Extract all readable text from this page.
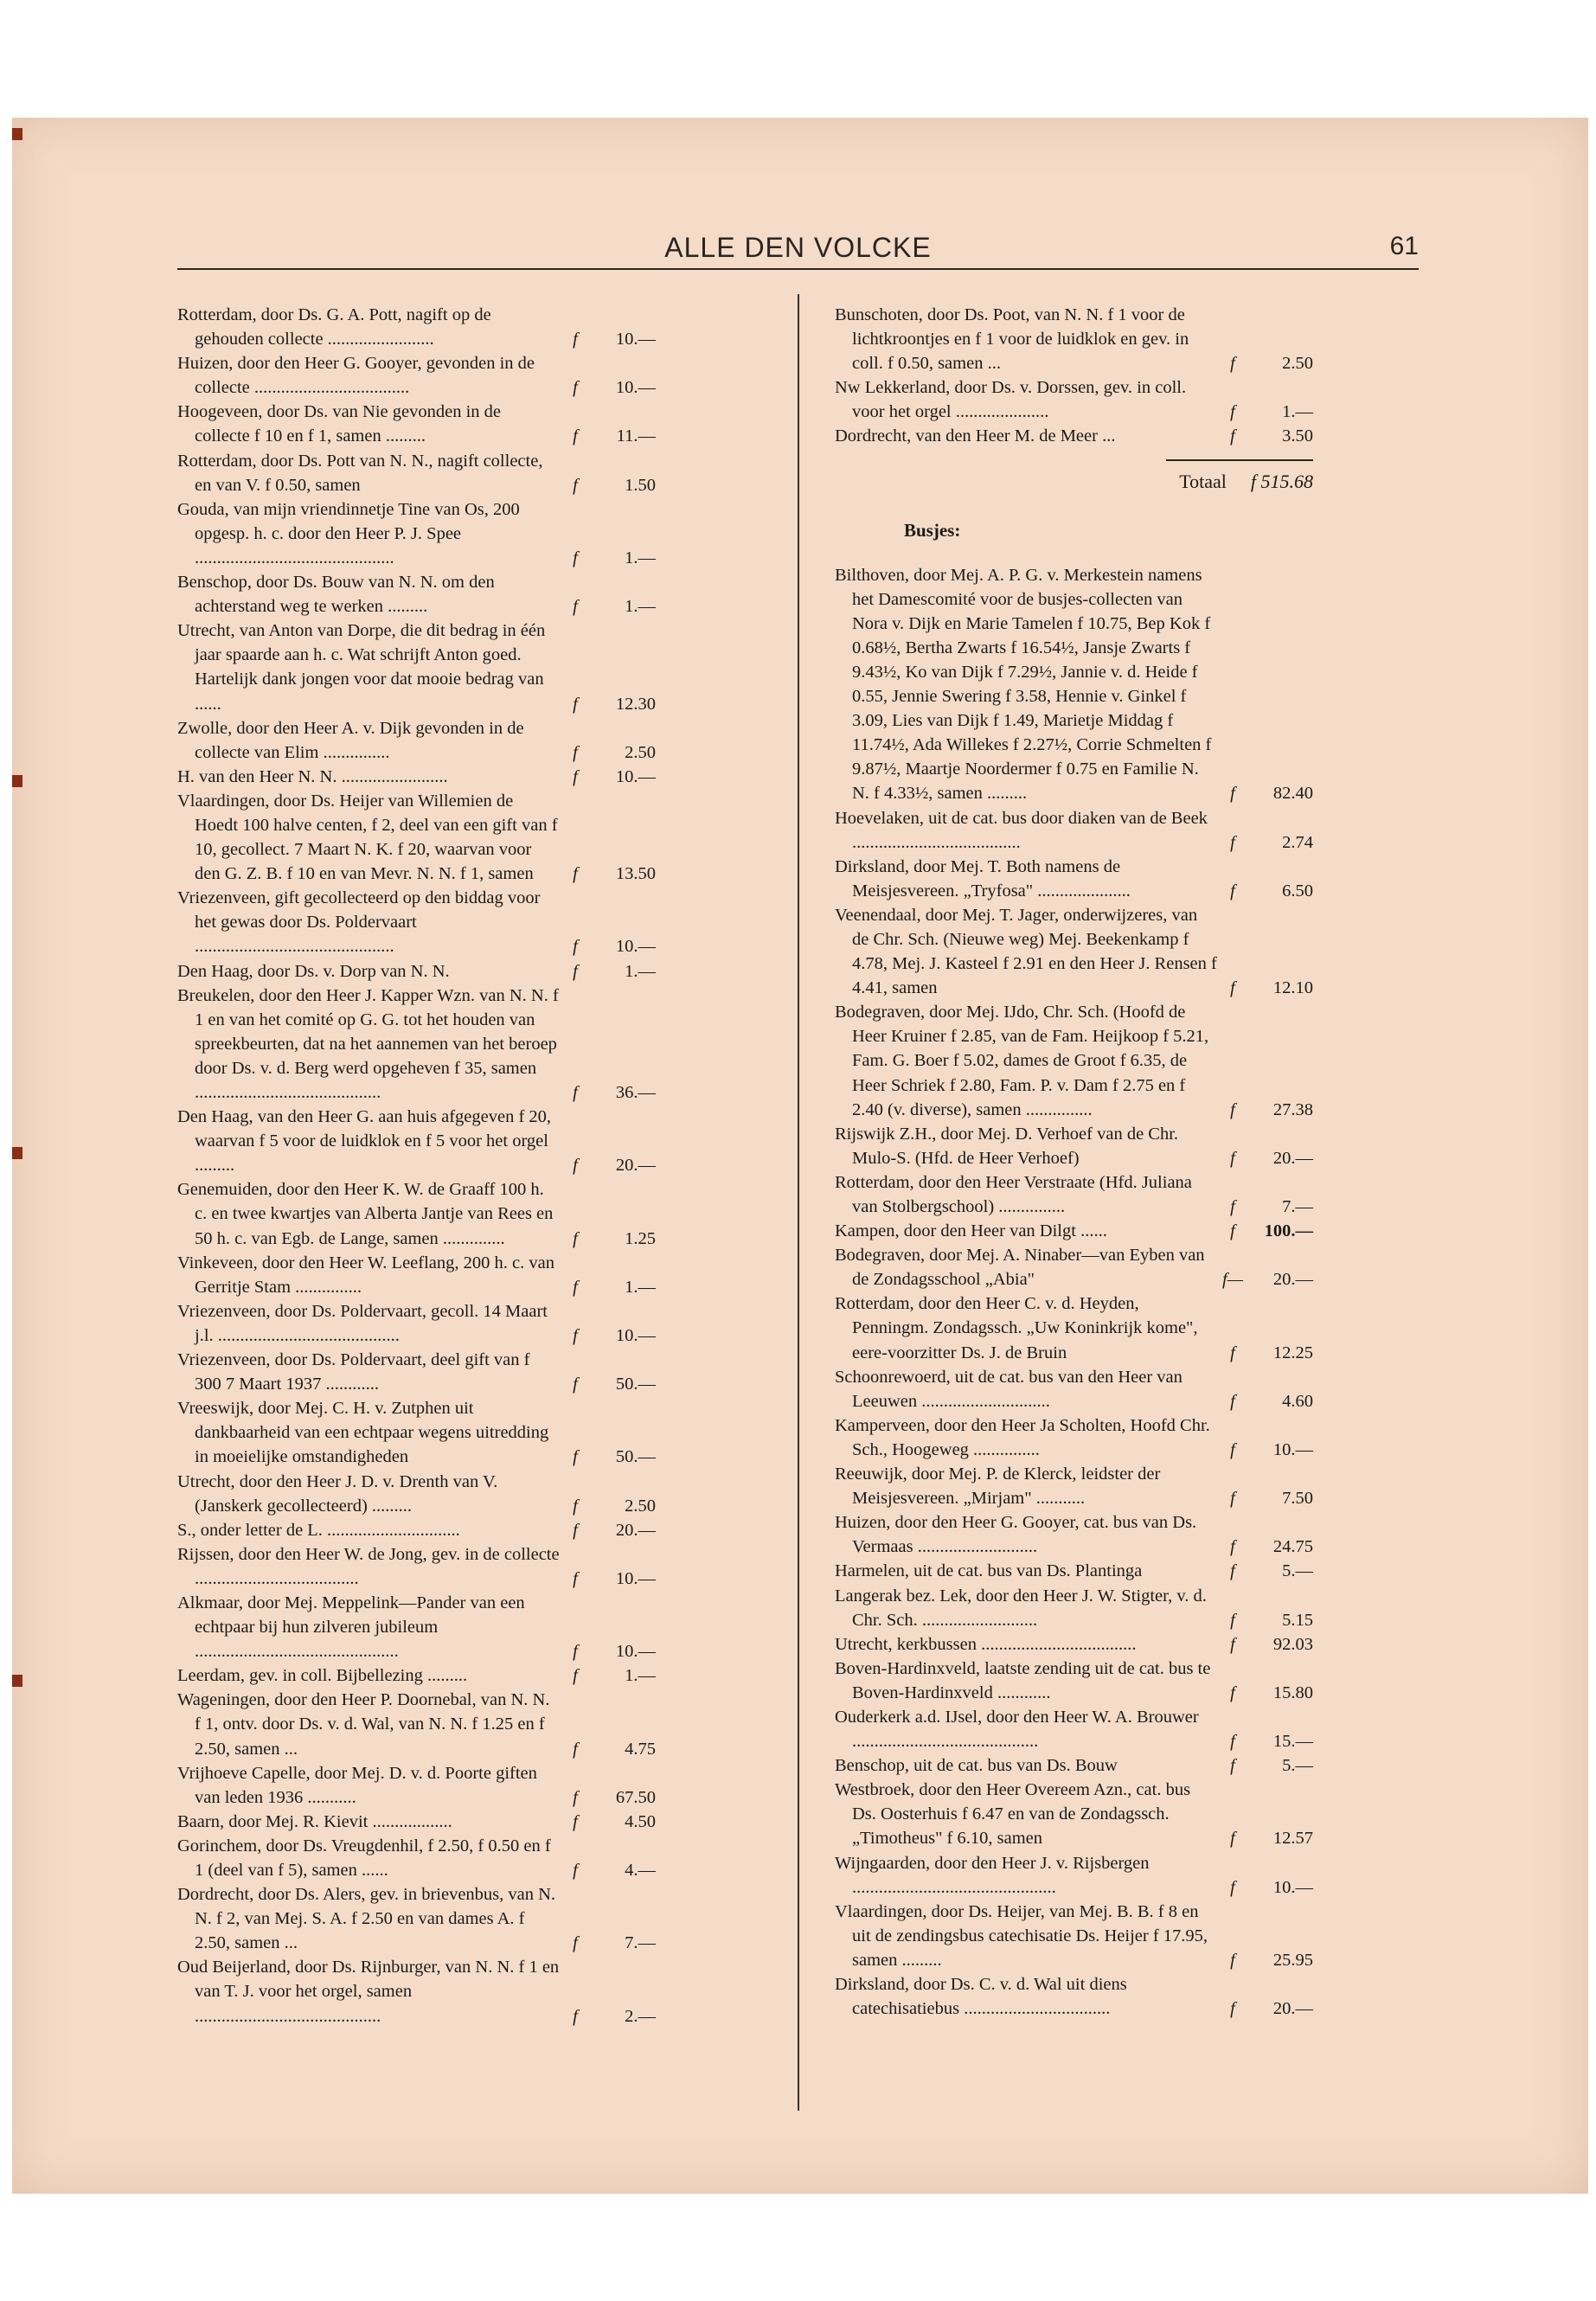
ALLE DEN VOLCKE	61
Rotterdam, door Ds. G. A. Pott, nagift op de gehouden collecte ........................	f	10.—
Huizen, door den Heer G. Gooyer, gevonden in de collecte ...................................	f	10.—
Hoogeveen, door Ds. van Nie gevonden in de collecte f 10 en f 1, samen .........	f	11.—
Rotterdam, door Ds. Pott van N. N., nagift collecte, en van V. f 0.50, samen	f	1.50
Gouda, van mijn vriendinnetje Tine van Os, 200 opgesp. h. c. door den Heer P. J. Spee .............................................	f	1.—
Benschop, door Ds. Bouw van N. N. om den achterstand weg te werken .........	f	1.—
Utrecht, van Anton van Dorpe, die dit bedrag in één jaar spaarde aan h. c. Wat schrijft Anton goed. Hartelijk dank jongen voor dat mooie bedrag van ......	f	12.30
Zwolle, door den Heer A. v. Dijk gevonden in de collecte van Elim ...............	f	2.50
H. van den Heer N. N. ........................	f	10.—
Vlaardingen, door Ds. Heijer van Willemien de Hoedt 100 halve centen, f 2, deel van een gift van f 10, gecollect. 7 Maart N. K. f 20, waarvan voor den G. Z. B. f 10 en van Mevr. N. N. f 1, samen	f	13.50
Vriezenveen, gift gecollecteerd op den biddag voor het gewas door Ds. Poldervaart .............................................	f	10.—
Den Haag, door Ds. v. Dorp van N. N.	f	1.—
Breukelen, door den Heer J. Kapper Wzn. van N. N. f 1 en van het comité op G. G. tot het houden van spreekbeurten, dat na het aannemen van het beroep door Ds. v. d. Berg werd opgeheven f 35, samen ..........................................	f	36.—
Den Haag, van den Heer G. aan huis afgegeven f 20, waarvan f 5 voor de luidklok en f 5 voor het orgel .........	f	20.—
Genemuiden, door den Heer K. W. de Graaff 100 h. c. en twee kwartjes van Alberta Jantje van Rees en 50 h. c. van Egb. de Lange, samen ..............	f	1.25
Vinkeveen, door den Heer W. Leeflang, 200 h. c. van Gerritje Stam ...............	f	1.—
Vriezenveen, door Ds. Poldervaart, gecoll. 14 Maart j.l. .........................................	f	10.—
Vriezenveen, door Ds. Poldervaart, deel gift van f 300 7 Maart 1937 ............	f	50.—
Vreeswijk, door Mej. C. H. v. Zutphen uit dankbaarheid van een echtpaar wegens uitredding in moeielijke omstandigheden	f	50.—
Utrecht, door den Heer J. D. v. Drenth van V. (Janskerk gecollecteerd) .........	f	2.50
S., onder letter de L. ..............................	f	20.—
Rijssen, door den Heer W. de Jong, gev. in de collecte .....................................	f	10.—
Alkmaar, door Mej. Meppelink—Pander van een echtpaar bij hun zilveren jubileum ..............................................	f	10.—
Leerdam, gev. in coll. Bijbellezing .........	f	1.—
Wageningen, door den Heer P. Doornebal, van N. N. f 1, ontv. door Ds. v. d. Wal, van N. N. f 1.25 en f 2.50, samen ...	f	4.75
Vrijhoeve Capelle, door Mej. D. v. d. Poorte giften van leden 1936 ...........	f	67.50
Baarn, door Mej. R. Kievit ..................	f	4.50
Gorinchem, door Ds. Vreugdenhil, f 2.50, f 0.50 en f 1 (deel van f 5), samen ......	f	4.—
Dordrecht, door Ds. Alers, gev. in brievenbus, van N. N. f 2, van Mej. S. A. f 2.50 en van dames A. f 2.50, samen ...	f	7.—
Oud Beijerland, door Ds. Rijnburger, van N. N. f 1 en van T. J. voor het orgel, samen ..........................................	f	2.—
Bunschoten, door Ds. Poot, van N. N. f 1 voor de lichtkroontjes en f 1 voor de luidklok en gev. in coll. f 0.50, samen ...	f	2.50
Nw Lekkerland, door Ds. v. Dorssen, gev. in coll. voor het orgel .....................	f	1.—
Dordrecht, van den Heer M. de Meer ...	f	3.50
Totaal f 515.68
Busjes:
Bilthoven, door Mej. A. P. G. v. Merkestein namens het Damescomité voor de busjes-collecten van Nora v. Dijk en Marie Tamelen f 10.75, Bep Kok f 0.68½, Bertha Zwarts f 16.54½, Jansje Zwarts f 9.43½, Ko van Dijk f 7.29½, Jannie v. d. Heide f 0.55, Jennie Swering f 3.58, Hennie v. Ginkel f 3.09, Lies van Dijk f 1.49, Marietje Middag f 11.74½, Ada Willekes f 2.27½, Corrie Schmelten f 9.87½, Maartje Noordermer f 0.75 en Familie N. N. f 4.33½, samen .........	f	82.40
Hoevelaken, uit de cat. bus door diaken van de Beek ......................................	f	2.74
Dirksland, door Mej. T. Both namens de Meisjesvereen. „Tryfosa" .....................	f	6.50
Veenendaal, door Mej. T. Jager, onderwijzeres, van de Chr. Sch. (Nieuwe weg) Mej. Beekenkamp f 4.78, Mej. J. Kasteel f 2.91 en den Heer J. Rensen f 4.41, samen	f	12.10
Bodegraven, door Mej. IJdo, Chr. Sch. (Hoofd de Heer Kruiner f 2.85, van de Fam. Heijkoop f 5.21, Fam. G. Boer f 5.02, dames de Groot f 6.35, de Heer Schriek f 2.80, Fam. P. v. Dam f 2.75 en f 2.40 (v. diverse), samen ...............	f	27.38
Rijswijk Z.H., door Mej. D. Verhoef van de Chr. Mulo-S. (Hfd. de Heer Verhoef)	f	20.—
Rotterdam, door den Heer Verstraate (Hfd. Juliana van Stolbergschool) ...............	f	7.—
Kampen, door den Heer van Dilgt ......	f	100.—
Bodegraven, door Mej. A. Ninaber—van Eyben van de Zondagsschool „Abia"	f—	20.—
Rotterdam, door den Heer C. v. d. Heyden, Penningm. Zondagssch. „Uw Koninkrijk kome", eere-voorzitter Ds. J. de Bruin	f	12.25
Schoonrewoerd, uit de cat. bus van den Heer van Leeuwen .............................	f	4.60
Kamperveen, door den Heer Ja Scholten, Hoofd Chr. Sch., Hoogeweg ...............	f	10.—
Reeuwijk, door Mej. P. de Klerck, leidster der Meisjesvereen. „Mirjam" ...........	f	7.50
Huizen, door den Heer G. Gooyer, cat. bus van Ds. Vermaas ...........................	f	24.75
Harmelen, uit de cat. bus van Ds. Plantinga	f	5.—
Langerak bez. Lek, door den Heer J. W. Stigter, v. d. Chr. Sch. ..........................	f	5.15
Utrecht, kerkbussen ...................................	f	92.03
Boven-Hardinxveld, laatste zending uit de cat. bus te Boven-Hardinxveld ............	f	15.80
Ouderkerk a.d. IJsel, door den Heer W. A. Brouwer ..........................................	f	15.—
Benschop, uit de cat. bus van Ds. Bouw	f	5.—
Westbroek, door den Heer Overeem Azn., cat. bus Ds. Oosterhuis f 6.47 en van de Zondagssch. „Timotheus" f 6.10, samen	f	12.57
Wijngaarden, door den Heer J. v. Rijsbergen ..............................................	f	10.—
Vlaardingen, door Ds. Heijer, van Mej. B. B. f 8 en uit de zendingsbus catechisatie Ds. Heijer f 17.95, samen .........	f	25.95
Dirksland, door Ds. C. v. d. Wal uit diens catechisatiebus .................................	f	20.—
